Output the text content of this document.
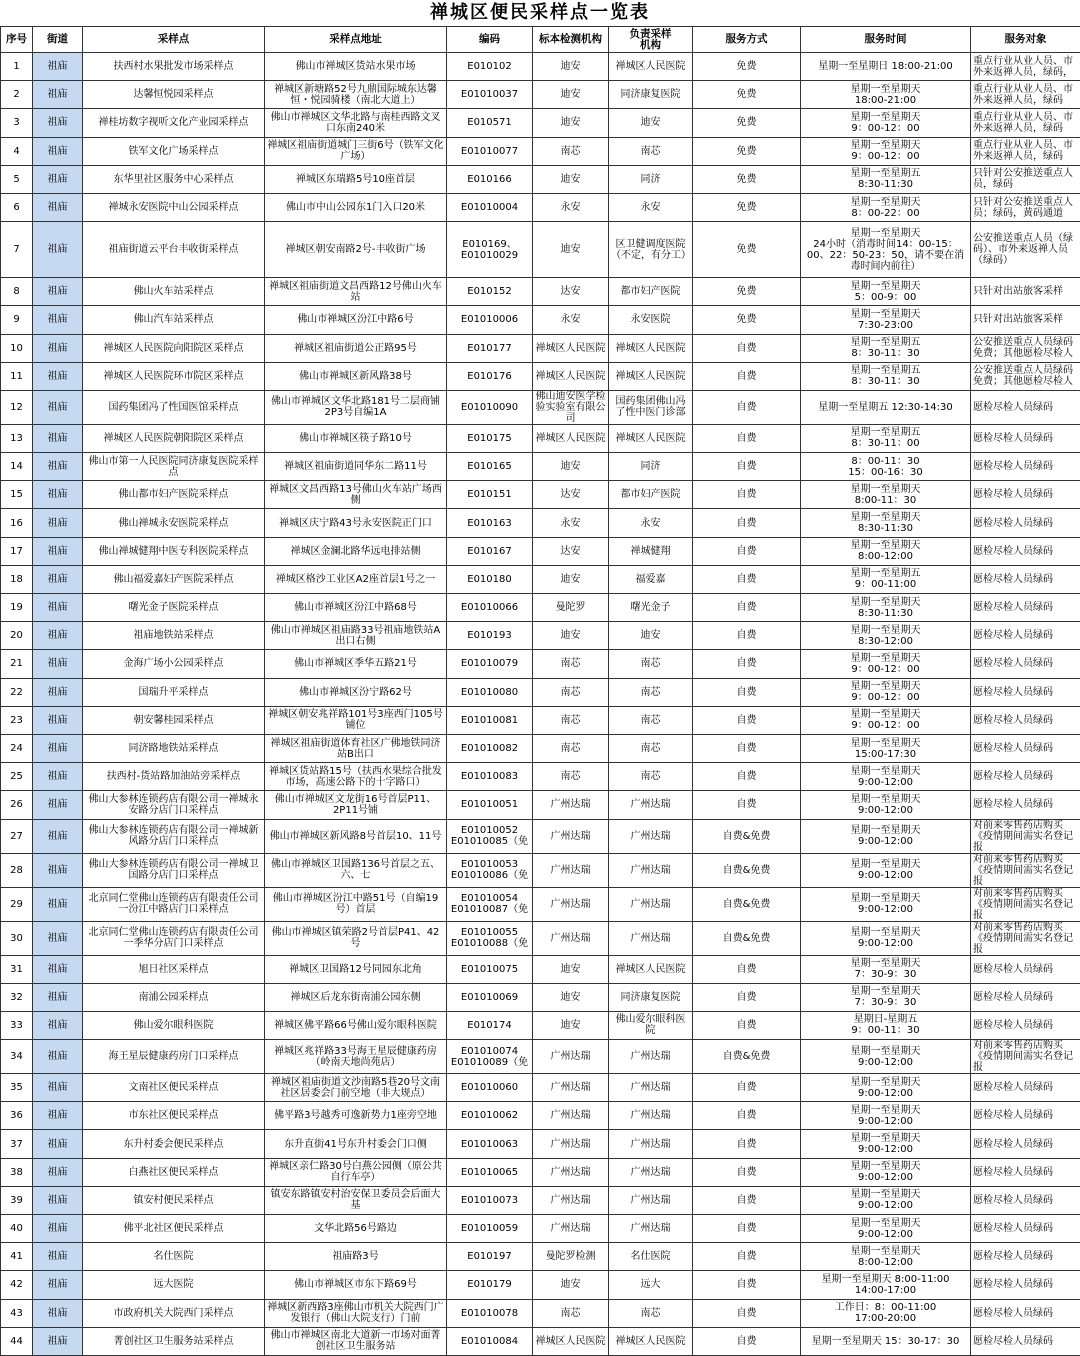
禅城区便民采样点一览表
序号	街道	采样点	采样点地址	编码	标本检测机构	负责采样
机构	服务方式	服务时间	服务对象
1	祖庙	扶西村水果批发市场采样点	佛山市禅城区货站水果市场	E010102	迪安	禅城区人民医院	免费	星期一至星期日 18:00-21:00	重点行业从业人员、市外来返禅人员，绿码，
2	祖庙	达馨恒悦园采样点	禅城区新塘路52号九鼎国际城东达馨恒・悦园骑楼（南北大道上）	E01010037	迪安	同济康复医院	免费	星期一至星期天
18:00-21:00	重点行业从业人员、市外来返禅人员，绿码
3	祖庙	禅桂坊数字视听文化产业园采样点	佛山市禅城区文华北路与南桂西路文叉口东南240米	E010571	迪安	迪安	免费	星期一至星期天
9：00-12：00	重点行业从业人员、市外来返禅人员，绿码
4	祖庙	铁军文化广场采样点	禅城区祖庙街道城门三街6号（铁军文化广场）	E01010077	南芯	南芯	免费	星期一至星期天
9：00-12：00	重点行业从业人员、市外来返禅人员，绿码
5	祖庙	东华里社区服务中心采样点	禅城区东瑞路5号10座首层	E010166	迪安	同济	免费	星期一至星期五
8:30-11:30	只针对公安推送重点人员，绿码
6	祖庙	禅城永安医院中山公园采样点	佛山市中山公园东1门入口20米	E01010004	永安	永安	免费	星期一至星期天
8：00-22：00	只针对公安推送重点人员；绿码，黄码通道
7	祖庙	祖庙街道云平台丰收街采样点	禅城区朝安南路2号-丰收街广场	E010169、
E01010029	迪安	区卫健调度医院（不定，有分工）	免费	星期一至星期天
24小时（消毒时间14：00-15：00、22：50-23：50，请不要在消毒时间内前往）	公安推送重点人员（绿码）、市外来返禅人员（绿码）
8	祖庙	佛山火车站采样点	禅城区祖庙街道文昌西路12号佛山火车站	E010152	达安	都市妇产医院	免费	星期一至星期天
5：00-9：00	只针对出站旅客采样
9	祖庙	佛山汽车站采样点	佛山市禅城区汾江中路6号	E01010006	永安	永安医院	免费	星期一至星期天
7:30-23:00	只针对出站旅客采样
10	祖庙	禅城区人民医院向阳院区采样点	禅城区祖庙街道公正路95号	E010177	禅城区人民医院	禅城区人民医院	自费	星期一至星期五
8：30-11：30	公安推送重点人员绿码免费；其他愿检尽检人
11	祖庙	禅城区人民医院环市院区采样点	佛山市禅城区新风路38号	E010176	禅城区人民医院	禅城区人民医院	自费	星期一至星期五
8：30-11：30	公安推送重点人员绿码免费；其他愿检尽检人
12	祖庙	国药集团冯了性国医馆采样点	佛山市禅城区文华北路181号二层商铺2P3号自编1A	E01010090	佛山迪安医学检验实验室有限公司	国药集团佛山冯了性中医门诊部	自费	星期一至星期五 12:30-14:30	愿检尽检人员绿码
13	祖庙	禅城区人民医院朝阳院区采样点	佛山市禅城区筷子路10号	E010175	禅城区人民医院	禅城区人民医院	自费	星期一至星期五
8：30-11：00	愿检尽检人员绿码
14	祖庙	佛山市第一人民医院同济康复医院采样点	禅城区祖庙街道同华东二路11号	E010165	迪安	同济	自费	8：00-11：30
15：00-16：30	愿检尽检人员绿码
15	祖庙	佛山都市妇产医院采样点	禅城区文昌西路13号佛山火车站广场西侧	E010151	达安	都市妇产医院	自费	星期一至星期天
8:00-11：30	愿检尽检人员绿码
16	祖庙	佛山禅城永安医院采样点	禅城区庆宁路43号永安医院正门口	E010163	永安	永安	自费	星期一至星期天
8:30-11:30	愿检尽检人员绿码
17	祖庙	佛山禅城健翔中医专科医院采样点	禅城区金澜北路华远电排站侧	E010167	达安	禅城健翔	自费	星期一至星期天
8:00-12:00	愿检尽检人员绿码
18	祖庙	佛山福爱嘉妇产医院采样点	禅城区格沙工业区A2座首层1号之一	E010180	迪安	福爱嘉	自费	星期一至星期五
9：00-11:00	愿检尽检人员绿码
19	祖庙	曙光金子医院采样点	佛山市禅城区汾江中路68号	E01010066	曼陀罗	曙光金子	自费	星期一至星期天
8:30-11:30	愿检尽检人员绿码
20	祖庙	祖庙地铁站采样点	佛山市禅城区祖庙路33号祖庙地铁站A出口右侧	E010193	迪安	迪安	自费	星期一至星期天
8:30-12:00	愿检尽检人员绿码
21	祖庙	金海广场小公园采样点	佛山市禅城区季华五路21号	E01010079	南芯	南芯	自费	星期一至星期天
9：00-12：00	愿检尽检人员绿码
22	祖庙	国瑞升平采样点	佛山市禅城区汾宁路62号	E01010080	南芯	南芯	自费	星期一至星期天
9：00-12：00	愿检尽检人员绿码
23	祖庙	朝安馨桂园采样点	禅城区朝安兆祥路101号3座西门105号铺位	E01010081	南芯	南芯	自费	星期一至星期天
9：00-12：00	愿检尽检人员绿码
24	祖庙	同济路地铁站采样点	禅城区祖庙街道体育社区广佛地铁同济站B出口	E01010082	南芯	南芯	自费	星期一至星期天
15:00-17:30	愿检尽检人员绿码
25	祖庙	扶西村-货站路加油站旁采样点	禅城区货站路15号（扶西水果综合批发市场，高速公路下的十字路口）	E01010083	南芯	南芯	自费	星期一至星期天
9:00-12:00	愿检尽检人员绿码
26	祖庙	佛山大参林连锁药店有限公司一禅城永安路分店门口采样点	佛山市禅城区文龙街16号首层P11、2P11号铺	E01010051	广州达瑞	广州达瑞	自费	星期一至星期天
9:00-12:00	愿检尽检人员绿码
27	祖庙	佛山大参林连锁药店有限公司一禅城新风路分店门口采样点	佛山市禅城区新风路8号首层10、11号	E01010052
E01010085（免	广州达瑞	广州达瑞	自费&免费	星期一至星期天
9:00-12:00	对前来零售药店购买《疫情期间需实名登记报
28	祖庙	佛山大参林连锁药店有限公司一禅城卫国路分店门口采样点	佛山市禅城区卫国路136号首层之五、六、七	E01010053
E01010086（免	广州达瑞	广州达瑞	自费&免费	星期一至星期天
9:00-12:00	对前来零售药店购买《疫情期间需实名登记报
29	祖庙	北京同仁堂佛山连锁药店有限责任公司一汾江中路店门口采样点	佛山市禅城区汾江中路51号（自编19号）首层	E01010054
E01010087（免	广州达瑞	广州达瑞	自费&免费	星期一至星期天
9:00-12:00	对前来零售药店购买《疫情期间需实名登记报
30	祖庙	北京同仁堂佛山连锁药店有限责任公司一季华分店门口采样点	佛山市禅城区镇荣路2号首层P41、42号	E01010055
E01010088（免	广州达瑞	广州达瑞	自费&免费	星期一至星期天
9:00-12:00	对前来零售药店购买《疫情期间需实名登记报
31	祖庙	旭日社区采样点	禅城区卫国路12号同园东北角	E01010075	迪安	禅城区人民医院	自费	星期一至星期天
7：30-9：30	愿检尽检人员绿码
32	祖庙	南浦公园采样点	禅城区后龙东街南浦公园东侧	E01010069	迪安	同济康复医院	自费	星期一至星期天
7：30-9：30	愿检尽检人员绿码
33	祖庙	佛山爱尔眼科医院	禅城区佛平路66号佛山爱尔眼科医院	E010174	迪安	佛山爱尔眼科医院	自费	星期日-星期五
9：00-11：30	愿检尽检人员绿码
34	祖庙	海王星辰健康药房门口采样点	禅城区兆祥路33号海王星辰健康药房（岭南天地尚苑店）	E01010074
E01010089（免	广州达瑞	广州达瑞	自费&免费	星期一至星期天
9:00-12:00	对前来零售药店购买《疫情期间需实名登记报
35	祖庙	文南社区便民采样点	禅城区祖庙街道文沙南路5巷20号文南社区居委会门前空地（非大规点）	E01010060	广州达瑞	广州达瑞	自费	星期一至星期天
9:00-12:00	愿检尽检人员绿码
36	祖庙	市东社区便民采样点	佛平路3号越秀可逸新势力1座旁空地	E01010062	广州达瑞	广州达瑞	自费	星期一至星期天
9:00-12:00	愿检尽检人员绿码
37	祖庙	东升村委会便民采样点	东升直街41号东升村委会门口侧	E01010063	广州达瑞	广州达瑞	自费	星期一至星期天
9:00-12:00	愿检尽检人员绿码
38	祖庙	白燕社区便民采样点	禅城区亲仁路30号白燕公园侧（原公共自行车亭）	E01010065	广州达瑞	广州达瑞	自费	星期一至星期天
9:00-12:00	愿检尽检人员绿码
39	祖庙	镇安村便民采样点	镇安东路镇安村治安保卫委员会后面大基	E01010073	广州达瑞	广州达瑞	自费	星期一至星期天
9:00-12:00	愿检尽检人员绿码
40	祖庙	佛平北社区便民采样点	文华北路56号路边	E01010059	广州达瑞	广州达瑞	自费	星期一至星期天
9:00-12:00	愿检尽检人员绿码
41	祖庙	名仕医院	祖庙路3号	E010197	曼陀罗检测	名仕医院	自费	星期一至星期天
8:00-12:00	愿检尽检人员绿码
42	祖庙	远大医院	佛山市禅城区市东下路69号	E010179	迪安	远大	自费	星期一至星期天 8:00-11:00
14:00-17:00	愿检尽检人员绿码
43	祖庙	市政府机关大院西门采样点	禅城区新西路3座佛山市机关大院西门广发银行（佛山大院支行）门前	E01010078	南芯	南芯	自费	工作日：8：00-11:00
17:00-20:00	愿检尽检人员绿码
44	祖庙	菁创社区卫生服务站采样点	佛山市禅城区南北大道新一市场对面菁创社区卫生服务站	E01010084	禅城区人民医院	禅城区人民医院	自费	星期一至星期天 15：30-17：30	愿检尽检人员绿码
